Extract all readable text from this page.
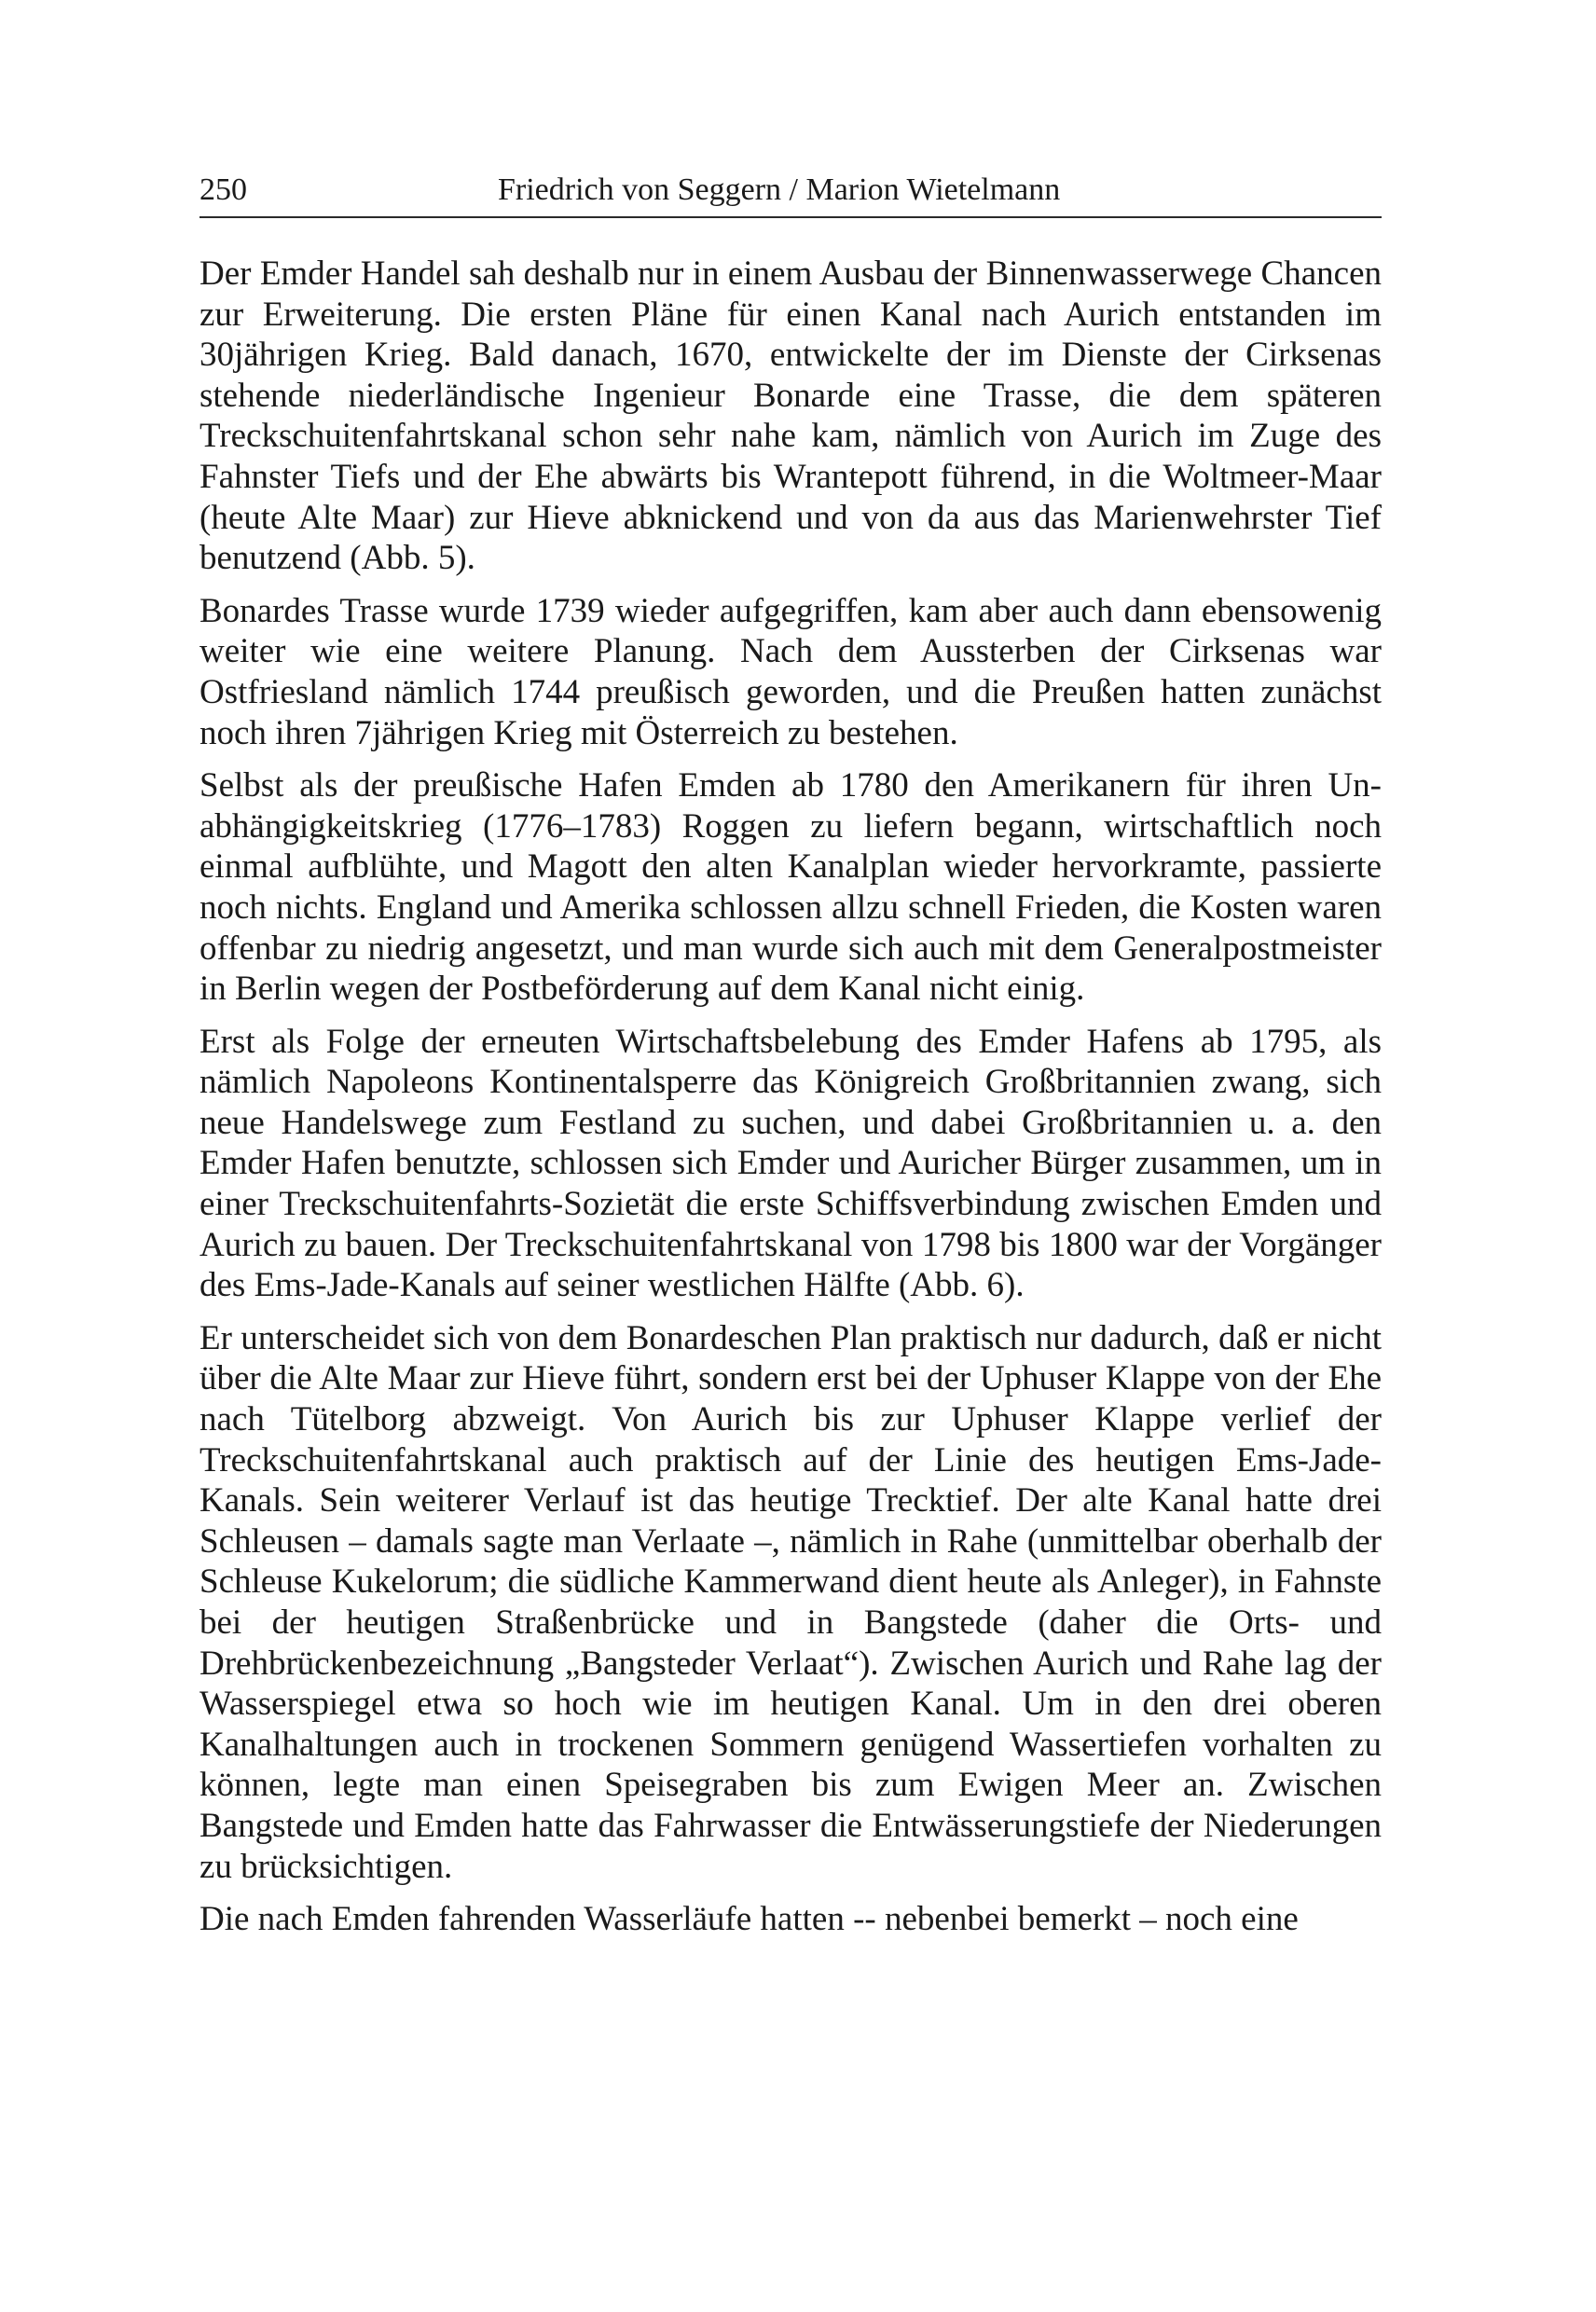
250	Friedrich von Seggern / Marion Wietelmann

Der Emder Handel sah deshalb nur in einem Ausbau der Binnenwasserwege Chancen zur Erweiterung. Die ersten Pläne für einen Kanal nach Aurich entstanden im 30jährigen Krieg. Bald danach, 1670, entwickelte der im Dienste der Cirksenas stehende niederländische Ingenieur Bonarde eine Trasse, die dem späteren Treckschuitenfahrtskanal schon sehr nahe kam, nämlich von Aurich im Zuge des Fahnster Tiefs und der Ehe abwärts bis Wrantepott führend, in die Woltmeer-Maar (heute Alte Maar) zur Hieve abknickend und von da aus das Marienwehrster Tief benutzend (Abb. 5).

Bonardes Trasse wurde 1739 wieder aufgegriffen, kam aber auch dann ebensowenig weiter wie eine weitere Planung. Nach dem Aussterben der Cirksenas war Ostfriesland nämlich 1744 preußisch geworden, und die Preußen hatten zunächst noch ihren 7jährigen Krieg mit Österreich zu bestehen.

Selbst als der preußische Hafen Emden ab 1780 den Amerikanern für ihren Unabhängigkeitskrieg (1776–1783) Roggen zu liefern begann, wirtschaftlich noch einmal aufblühte, und Magott den alten Kanalplan wieder hervorkramte, passierte noch nichts. England und Amerika schlossen allzu schnell Frieden, die Kosten waren offenbar zu niedrig angesetzt, und man wurde sich auch mit dem Generalpostmeister in Berlin wegen der Postbeförderung auf dem Kanal nicht einig.

Erst als Folge der erneuten Wirtschaftsbelebung des Emder Hafens ab 1795, als nämlich Napoleons Kontinentalsperre das Königreich Großbritannien zwang, sich neue Handelswege zum Festland zu suchen, und dabei Großbritannien u. a. den Emder Hafen benutzte, schlossen sich Emder und Auricher Bürger zusammen, um in einer Treckschuitenfahrts-Sozietät die erste Schiffsverbindung zwischen Emden und Aurich zu bauen. Der Treckschuitenfahrtskanal von 1798 bis 1800 war der Vorgänger des Ems-Jade-Kanals auf seiner westlichen Hälfte (Abb. 6).

Er unterscheidet sich von dem Bonardeschen Plan praktisch nur dadurch, daß er nicht über die Alte Maar zur Hieve führt, sondern erst bei der Uphuser Klappe von der Ehe nach Tütelborg abzweigt. Von Aurich bis zur Uphuser Klappe verlief der Treckschuitenfahrtskanal auch praktisch auf der Linie des heutigen Ems-Jade-Kanals. Sein weiterer Verlauf ist das heutige Trecktief. Der alte Kanal hatte drei Schleusen – damals sagte man Verlaate –, nämlich in Rahe (unmittelbar oberhalb der Schleuse Kukelorum; die südliche Kammerwand dient heute als Anleger), in Fahnste bei der heutigen Straßenbrücke und in Bangstede (daher die Orts- und Drehbrückenbezeichnung „Bangsteder Verlaat“). Zwischen Aurich und Rahe lag der Wasserspiegel etwa so hoch wie im heutigen Kanal. Um in den drei oberen Kanalhaltungen auch in trockenen Sommern genügend Wassertiefen vorhalten zu können, legte man einen Speisegraben bis zum Ewigen Meer an. Zwischen Bangstede und Emden hatte das Fahrwasser die Entwässerungstiefe der Niederungen zu brücksichtigen.

Die nach Emden fahrenden Wasserläufe hatten -- nebenbei bemerkt – noch eine
